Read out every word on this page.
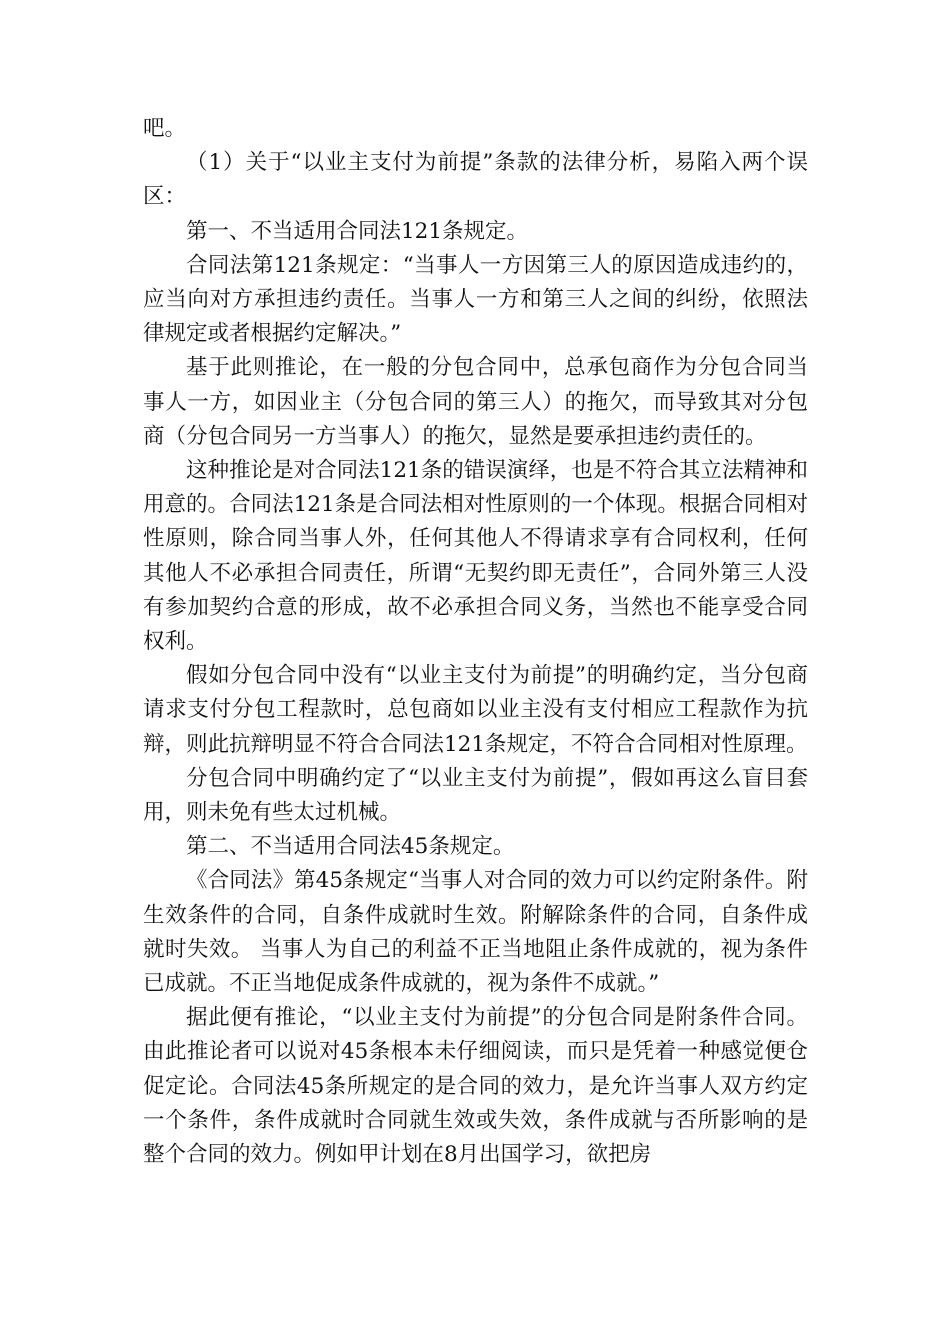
吧。

（1）关于“以业主支付为前提”条款的法律分析，易陷入两个误区：

第一、不当适用合同法121条规定。

合同法第121条规定：“当事人一方因第三人的原因造成违约的，应当向对方承担违约责任。当事人一方和第三人之间的纠纷，依照法律规定或者根据约定解决。”

基于此则推论，在一般的分包合同中，总承包商作为分包合同当事人一方，如因业主（分包合同的第三人）的拖欠，而导致其对分包商（分包合同另一方当事人）的拖欠，显然是要承担违约责任的。

这种推论是对合同法121条的错误演绎，也是不符合其立法精神和用意的。合同法121条是合同法相对性原则的一个体现。根据合同相对性原则，除合同当事人外，任何其他人不得请求享有合同权利，任何其他人不必承担合同责任，所谓“无契约即无责任”，合同外第三人没有参加契约合意的形成，故不必承担合同义务，当然也不能享受合同权利。

假如分包合同中没有“以业主支付为前提”的明确约定，当分包商请求支付分包工程款时，总包商如以业主没有支付相应工程款作为抗辩，则此抗辩明显不符合合同法121条规定，不符合合同相对性原理。

分包合同中明确约定了“以业主支付为前提”，假如再这么盲目套用，则未免有些太过机械。

第二、不当适用合同法45条规定。

《合同法》第45条规定“当事人对合同的效力可以约定附条件。附生效条件的合同，自条件成就时生效。附解除条件的合同，自条件成就时失效。 当事人为自己的利益不正当地阻止条件成就的，视为条件已成就。不正当地促成条件成就的，视为条件不成就。”

据此便有推论，“以业主支付为前提”的分包合同是附条件合同。由此推论者可以说对45条根本未仔细阅读，而只是凭着一种感觉便仓促定论。合同法45条所规定的是合同的效力，是允许当事人双方约定一个条件，条件成就时合同就生效或失效，条件成就与否所影响的是整个合同的效力。例如甲计划在8月出国学习，欲把房
